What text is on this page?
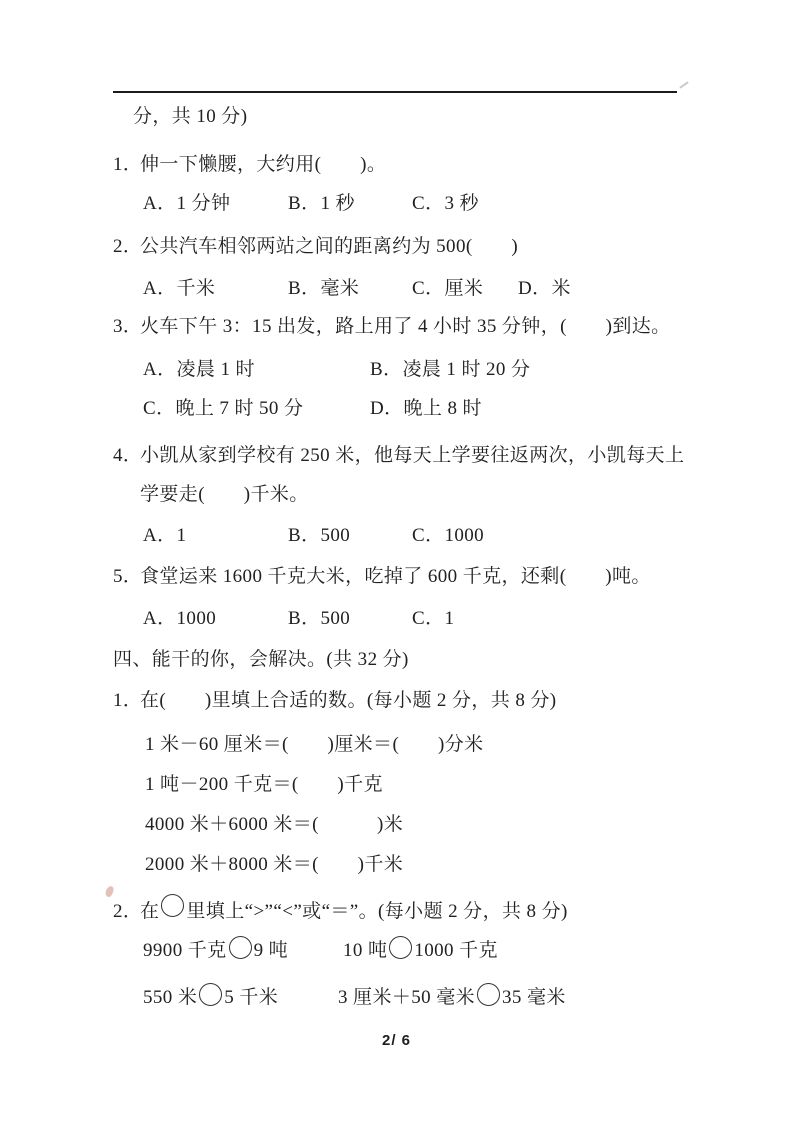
分，共 10 分)
1．伸一下懒腰，大约用(　　)。
A．1 分钟	B．1 秒	C．3 秒
2．公共汽车相邻两站之间的距离约为 500(　　)
A．千米	B．毫米	C．厘米 D．米
3．火车下午 3：15 出发，路上用了 4 小时 35 分钟，(　　)到达。
A．凌晨 1 时	B．凌晨 1 时 20 分
C．晚上 7 时 50 分	D．晚上 8 时
4．小凯从家到学校有 250 米，他每天上学要往返两次，小凯每天上
学要走(　　)千米。
A．1	B．500	C．1000
5．食堂运来 1600 千克大米，吃掉了 600 千克，还剩(　　)吨。
A．1000	B．500	C．1
四、能干的你，会解决。(共 32 分)
1．在(　　)里填上合适的数。(每小题 2 分，共 8 分)
1 米－60 厘米＝(　　)厘米＝(　　)分米
1 吨－200 千克＝(　　)千克
4000 米＋6000 米＝(　　　)米
2000 米＋8000 米＝(　　)千米
2．在 里填上“>”“<”或“＝”。(每小题 2 分，共 8 分)
9900 千克 9 吨	10 吨 1000 千克
550 米 5 千米	3 厘米＋50 毫米 35 毫米
2/ 6
